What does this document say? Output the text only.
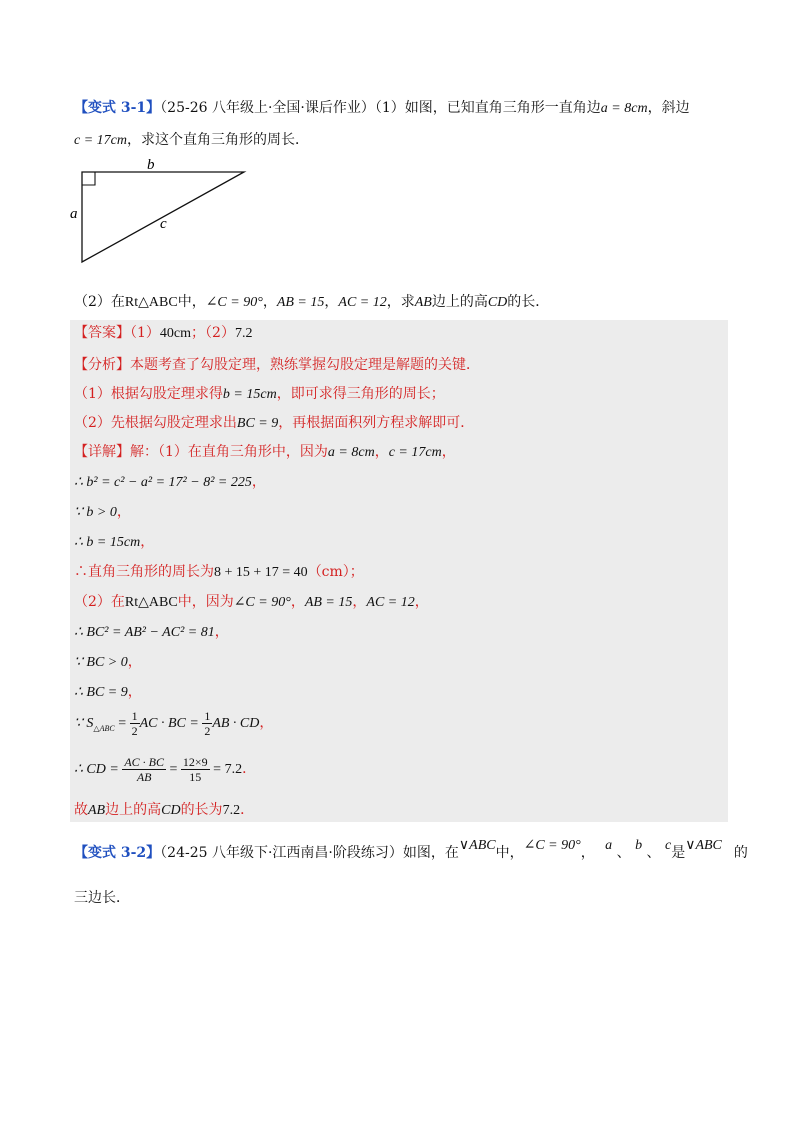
【变式 3-1】（25-26 八年级上·全国·课后作业）（1）如图，已知直角三角形一直角边a = 8cm，斜边
c = 17cm，求这个直角三角形的周长．
b
a
c
（2）在Rt△ABC中，∠C = 90°，AB = 15，AC = 12，求AB边上的高CD的长．
【答案】（1）40cm；（2）7.2
【分析】本题考查了勾股定理，熟练掌握勾股定理是解题的关键．
（1）根据勾股定理求得b = 15cm，即可求得三角形的周长；
（2）先根据勾股定理求出BC = 9，再根据面积列方程求解即可．
【详解】解：（1）在直角三角形中，因为a = 8cm，c = 17cm，
∴ b² = c² − a² = 17² − 8² = 225，
∵ b > 0，
∴ b = 15cm，
∴直角三角形的周长为8 + 15 + 17 = 40（cm）；
（2）在Rt△ABC中，因为∠C = 90°，AB = 15，AC = 12，
∴ BC² = AB² − AC² = 81，
∵ BC > 0，
∴ BC = 9，
∵ $S_{\triangle ABC} = \frac{1}{2}$ AC · BC = $\frac{1}{2}$ AB · CD，
∴ CD = $\frac{AC \cdot BC}{AB} = \frac{12\times 9}{15} = 7.2$．
故AB边上的高CD的长为7.2．
【变式 3-2】（24-25 八年级下·江西南昌·阶段练习）如图，在∨ABC中，∠C = 90°， a 、 b 、 c是∨ABC 的
三边长．
